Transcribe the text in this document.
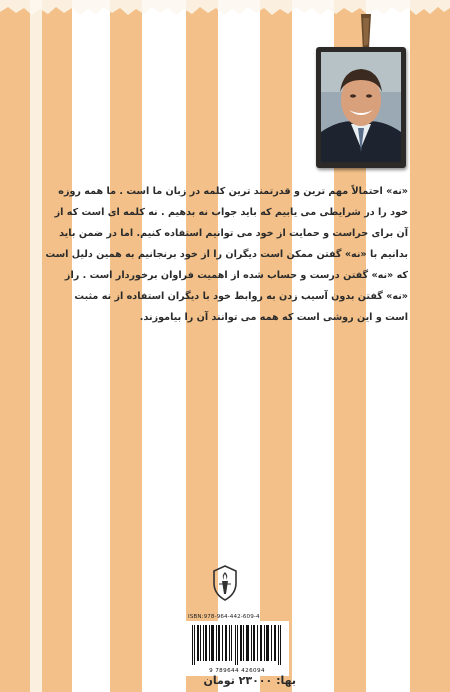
«نه» احتمالاً مهم ترین و قدرتمند ترین کلمه در زبان ما است . ما همه روزه
خود را در شرایطی می یابیم که باید جواب نه بدهیم . نه کلمه ای است که از
آن برای حراست و حمایت از خود می توانیم استفاده کنیم. اما در ضمن باید
بدانیم با «نه» گفتن ممکن است دیگران را از خود برنجانیم به همین دلیل است
که «نه» گفتن درست و حساب شده از اهمیت فراوان برخوردار است . راز
«نه» گفتن بدون آسیب زدن به روابط خود با دیگران استفاده از نه مثبت
است و این روشی است که همه می توانند آن را بیاموزند.
ISBN:978-964-442-609-4
9 789644 426094
بها: ۲۳۰۰۰ تومان
